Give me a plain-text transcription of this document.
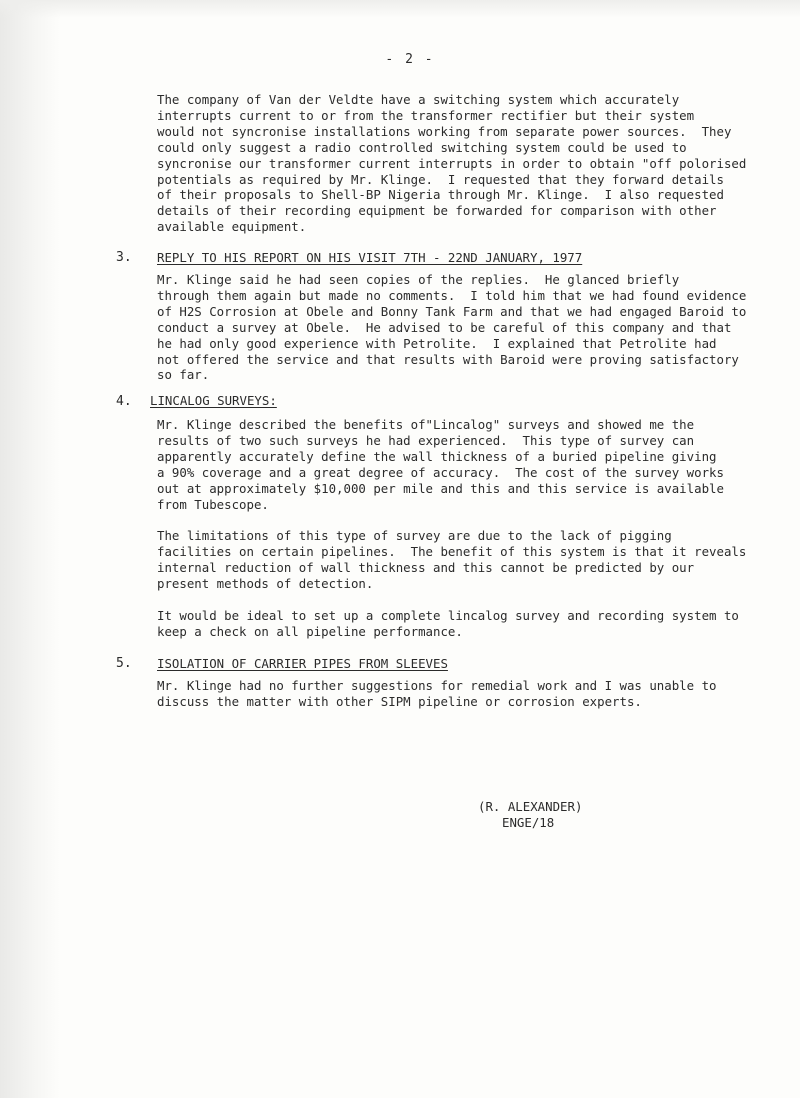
- 2 -

The company of Van der Veldte have a switching system which accurately

interrupts current to or from the transformer rectifier but their system

would not syncronise installations working from separate power sources.  They

could only suggest a radio controlled switching system could be used to

syncronise our transformer current interrupts in order to obtain "off polorised

potentials as required by Mr. Klinge.  I requested that they forward details

of their proposals to Shell-BP Nigeria through Mr. Klinge.  I also requested

details of their recording equipment be forwarded for comparison with other

available equipment.

3. REPLY TO HIS REPORT ON HIS VISIT 7TH - 22ND JANUARY, 1977

Mr. Klinge said he had seen copies of the replies.  He glanced briefly

through them again but made no comments.  I told him that we had found evidence

of H2S Corrosion at Obele and Bonny Tank Farm and that we had engaged Baroid to

conduct a survey at Obele.  He advised to be careful of this company and that

he had only good experience with Petrolite.  I explained that Petrolite had

not offered the service and that results with Baroid were proving satisfactory

so far.

4. LINCALOG SURVEYS:

Mr. Klinge described the benefits of"Lincalog" surveys and showed me the

results of two such surveys he had experienced.  This type of survey can

apparently accurately define the wall thickness of a buried pipeline giving

a 90% coverage and a great degree of accuracy.  The cost of the survey works

out at approximately $10,000 per mile and this and this service is available

from Tubescope.

The limitations of this type of survey are due to the lack of pigging

facilities on certain pipelines.  The benefit of this system is that it reveals

internal reduction of wall thickness and this cannot be predicted by our

present methods of detection.

It would be ideal to set up a complete lincalog survey and recording system to

keep a check on all pipeline performance.

5. ISOLATION OF CARRIER PIPES FROM SLEEVES

Mr. Klinge had no further suggestions for remedial work and I was unable to

discuss the matter with other SIPM pipeline or corrosion experts.

(R. ALEXANDER)
ENGE/18
